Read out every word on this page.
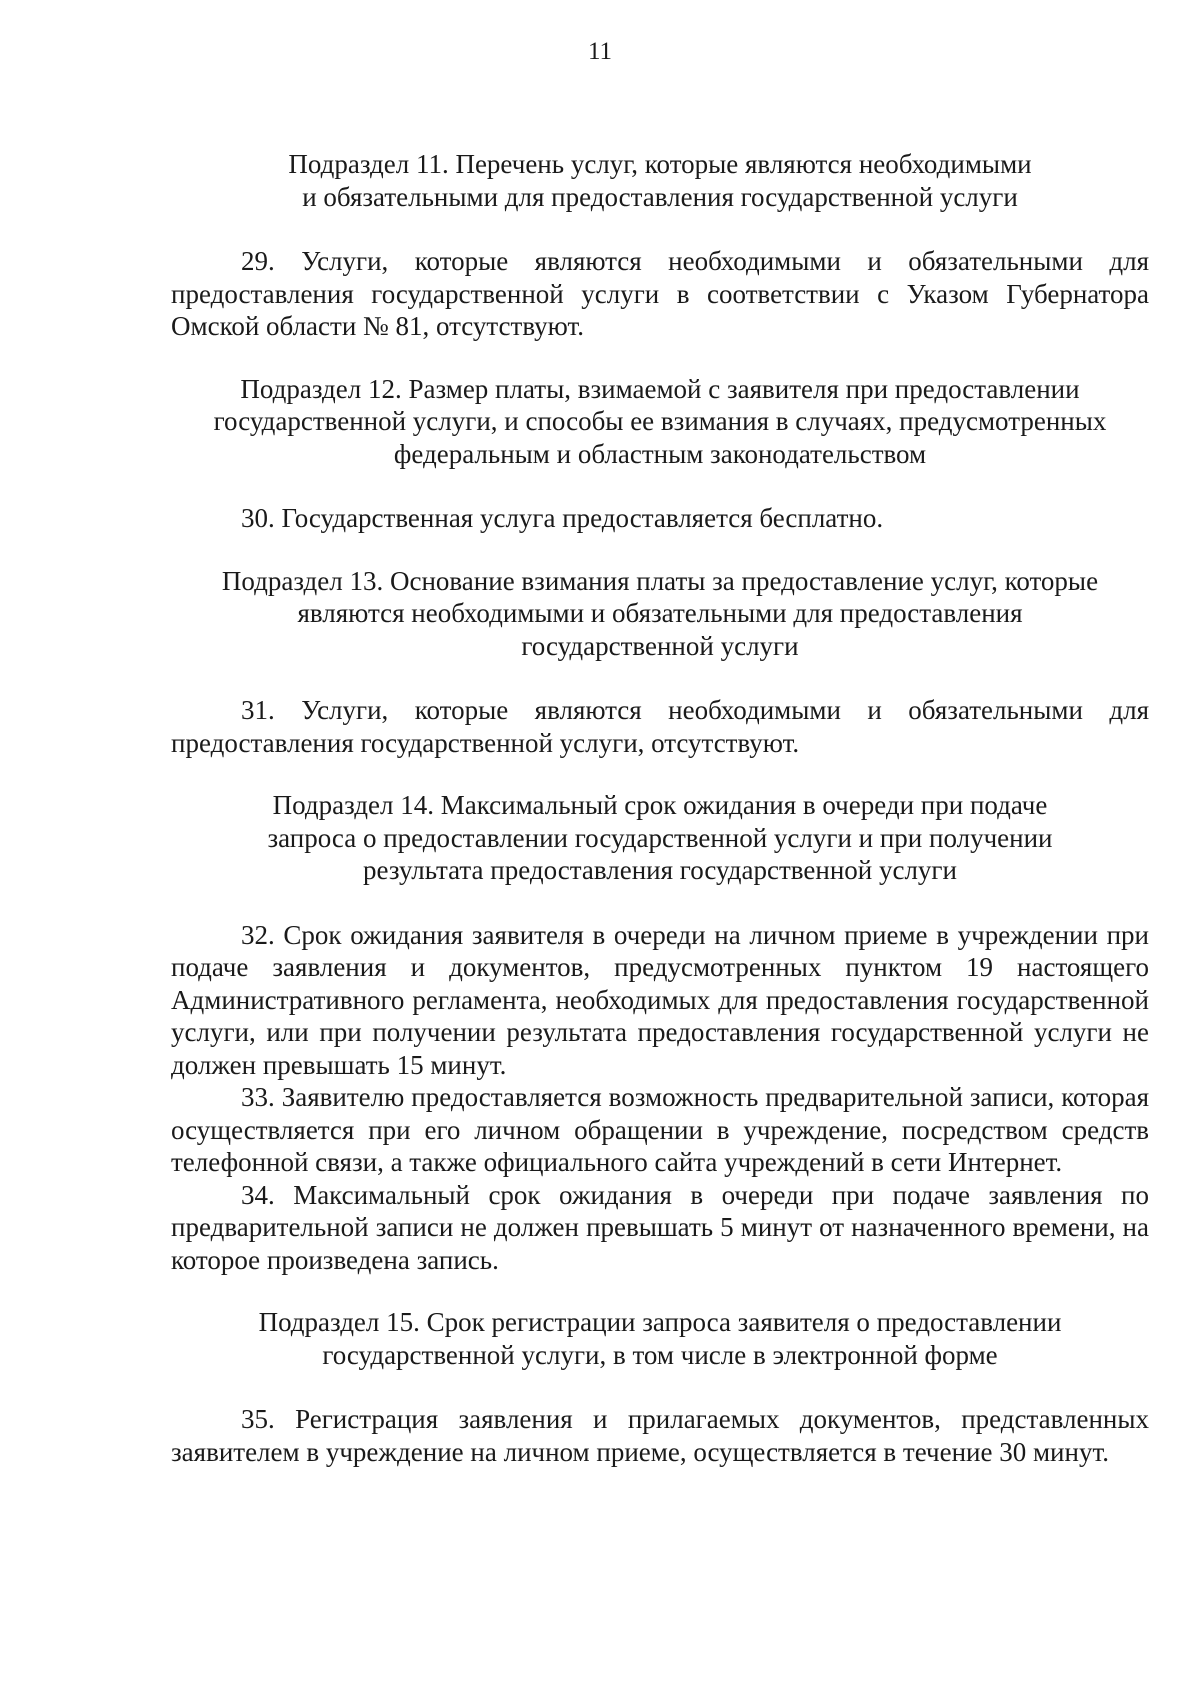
11
Подраздел 11. Перечень услуг, которые являются необходимыми
и обязательными для предоставления государственной услуги

29. Услуги, которые являются необходимыми и обязательными для предоставления государственной услуги в соответствии с Указом Губернатора Омской области № 81, отсутствуют.

Подраздел 12. Размер платы, взимаемой с заявителя при предоставлении
государственной услуги, и способы ее взимания в случаях, предусмотренных
федеральным и областным законодательством

30. Государственная услуга предоставляется бесплатно.

Подраздел 13. Основание взимания платы за предоставление услуг, которые
являются необходимыми и обязательными для предоставления
государственной услуги

31. Услуги, которые являются необходимыми и обязательными для предоставления государственной услуги, отсутствуют.

Подраздел 14. Максимальный срок ожидания в очереди при подаче
запроса о предоставлении государственной услуги и при получении
результата предоставления государственной услуги

32. Срок ожидания заявителя в очереди на личном приеме в учреждении при подаче заявления и документов, предусмотренных пунктом 19 настоящего Административного регламента, необходимых для предоставления государственной услуги, или при получении результата предоставления государственной услуги не должен превышать 15 минут.

33. Заявителю предоставляется возможность предварительной записи, которая осуществляется при его личном обращении в учреждение, посредством средств телефонной связи, а также официального сайта учреждений в сети Интернет.

34. Максимальный срок ожидания в очереди при подаче заявления по предварительной записи не должен превышать 5 минут от назначенного времени, на которое произведена запись.

Подраздел 15. Срок регистрации запроса заявителя о предоставлении
государственной услуги, в том числе в электронной форме

35. Регистрация заявления и прилагаемых документов, представленных заявителем в учреждение на личном приеме, осуществляется в течение 30 минут.
